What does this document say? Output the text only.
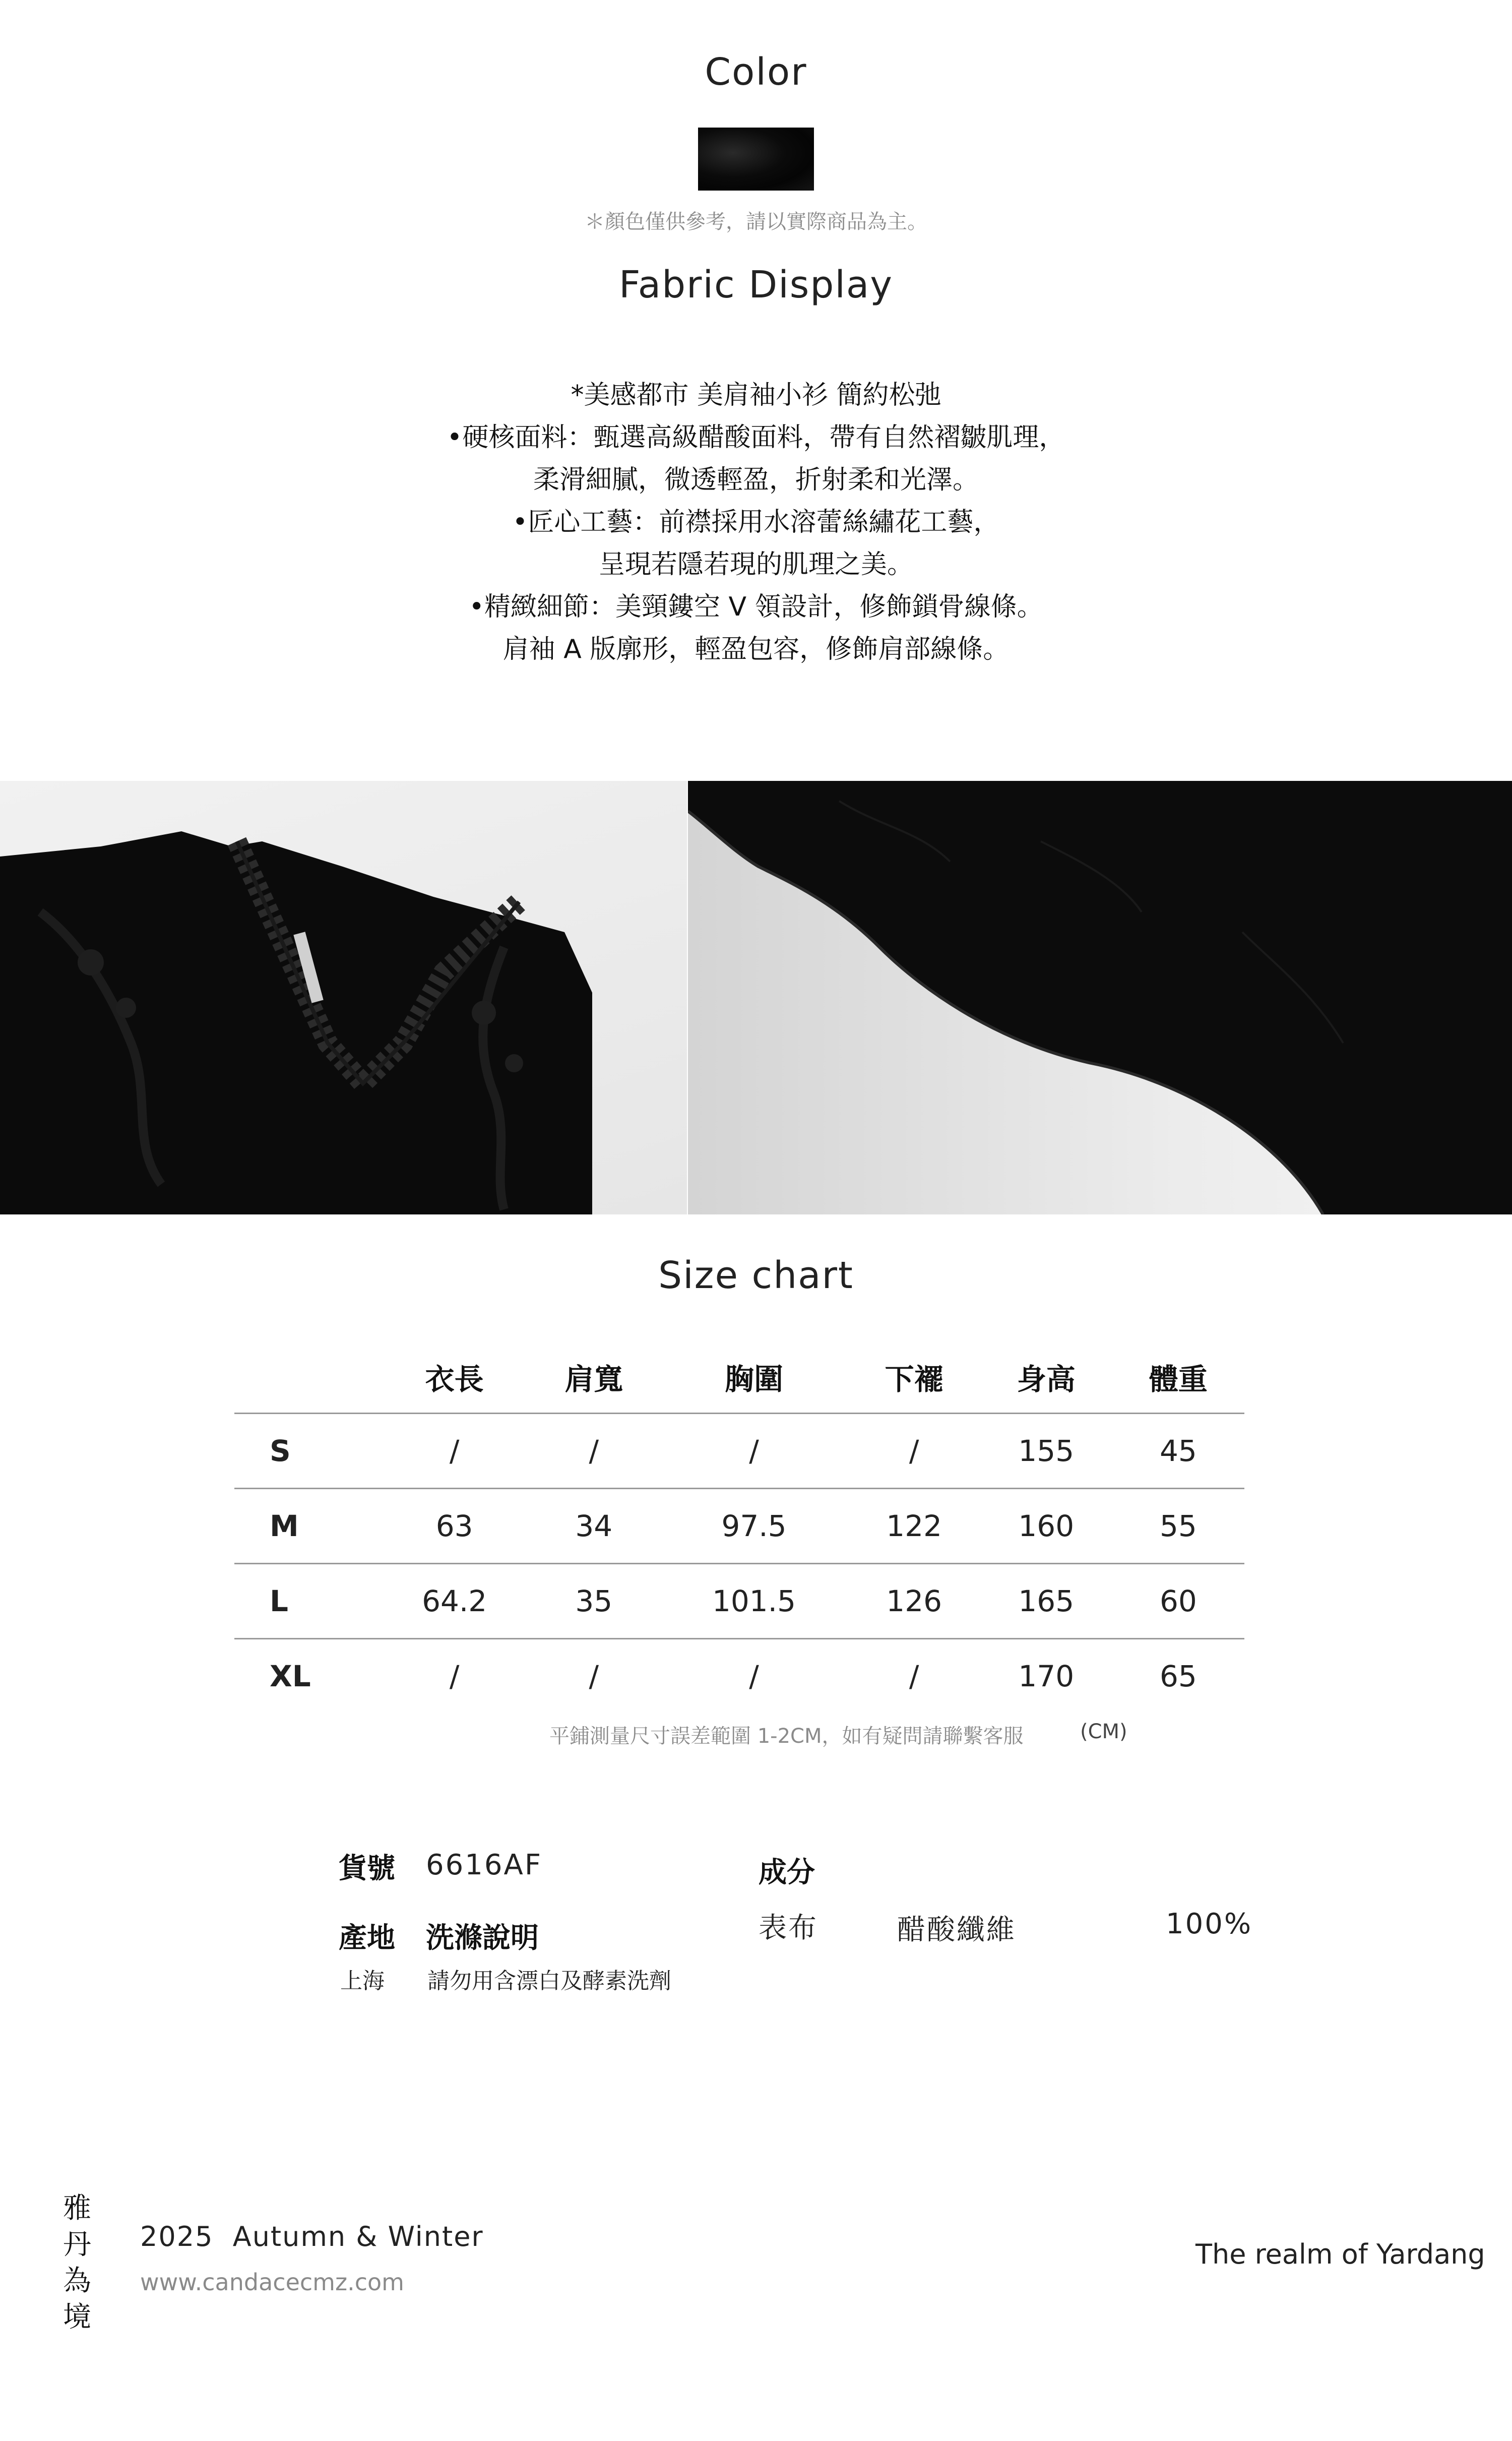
Color
＊顏色僅供參考，請以實際商品為主。
Fabric Display
*美感都市 美肩袖小衫 簡約松弛
•硬核面料：甄選高級醋酸面料，帶有自然褶皺肌理，
柔滑細膩，微透輕盈，折射柔和光澤。
•匠心工藝：前襟採用水溶蕾絲繡花工藝，
呈現若隱若現的肌理之美。
•精緻細節：美頸鏤空 V 領設計，修飾鎖骨線條。
肩袖 A 版廓形，輕盈包容，修飾肩部線條。
Size chart
	衣長	肩寬	胸圍	下襬	身高	體重
S	/	/	/	/	155	45
M	63	34	97.5	122	160	55
L	64.2	35	101.5	126	165	60
XL	/	/	/	/	170	65
平鋪測量尺寸誤差範圍 1-2CM，如有疑問請聯繫客服	(CM)
貨號 6616AF
產地 洗滌說明
上海 請勿用含漂白及酵素洗劑
成分
表布	醋酸纖維	100%
雅
丹
為
境
2025  Autumn & Winter
www.candacecmz.com
The realm of Yardang
